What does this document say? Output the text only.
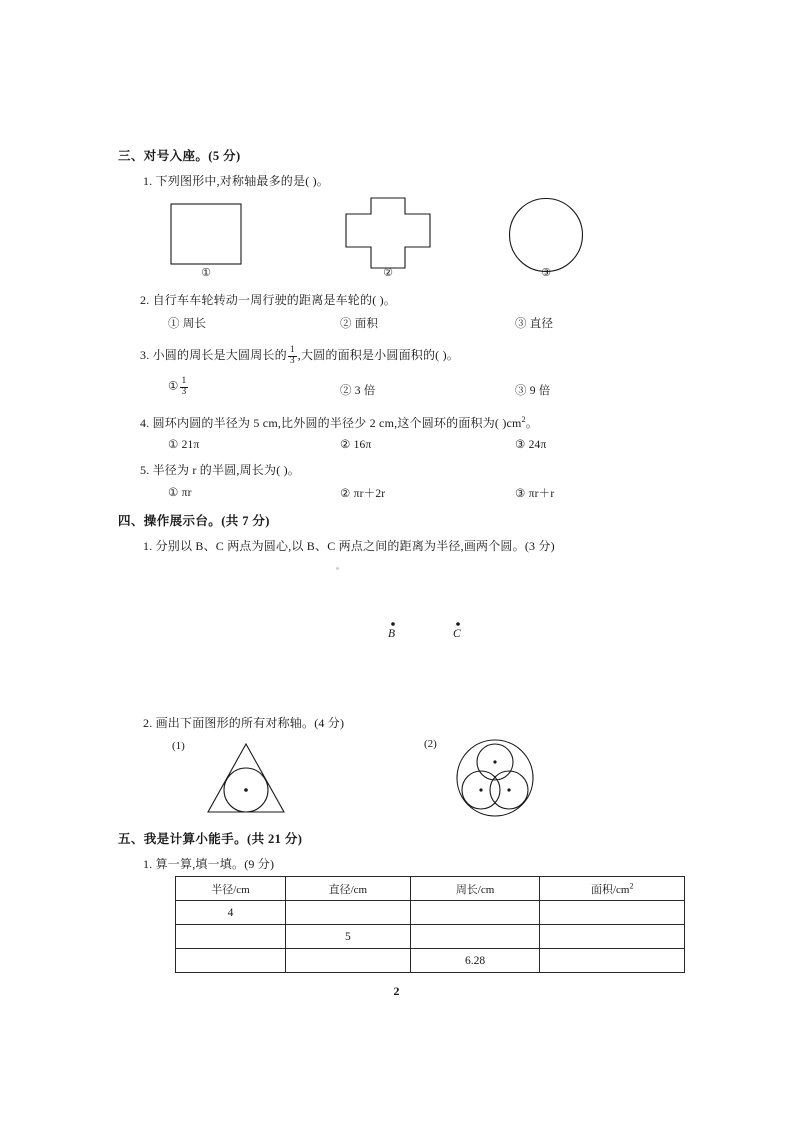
三、对号入座。(5 分)
1. 下列图形中,对称轴最多的是( )。
①	②	③
2. 自行车车轮转动一周行驶的距离是车轮的( )。
① 周长	② 面积	③ 直径
3. 小圆的周长是大圆周长的 $\frac{1}{3}$ ,大圆的面积是小圆面积的( )。
① $\frac{1}{3}$	② 3 倍	③ 9 倍
4. 圆环内圆的半径为 5 cm,比外圆的半径少 2 cm,这个圆环的面积为( )$cm^2$。
① 21π	② 16π	③ 24π
5. 半径为 r 的半圆,周长为( )。
① πr	② πr＋2r	③ πr＋r
四、操作展示台。(共 7 分)
1. 分别以 B、C 两点为圆心,以 B、C 两点之间的距离为半径,画两个圆。(3 分)
B	C
2. 画出下面图形的所有对称轴。(4 分)
(1)	(2)
五、我是计算小能手。(共 21 分)
1. 算一算,填一填。(9 分)
半径/cm	直径/cm	周长/cm	面积$/cm^2$
4			
	5		
		6.28	
2
